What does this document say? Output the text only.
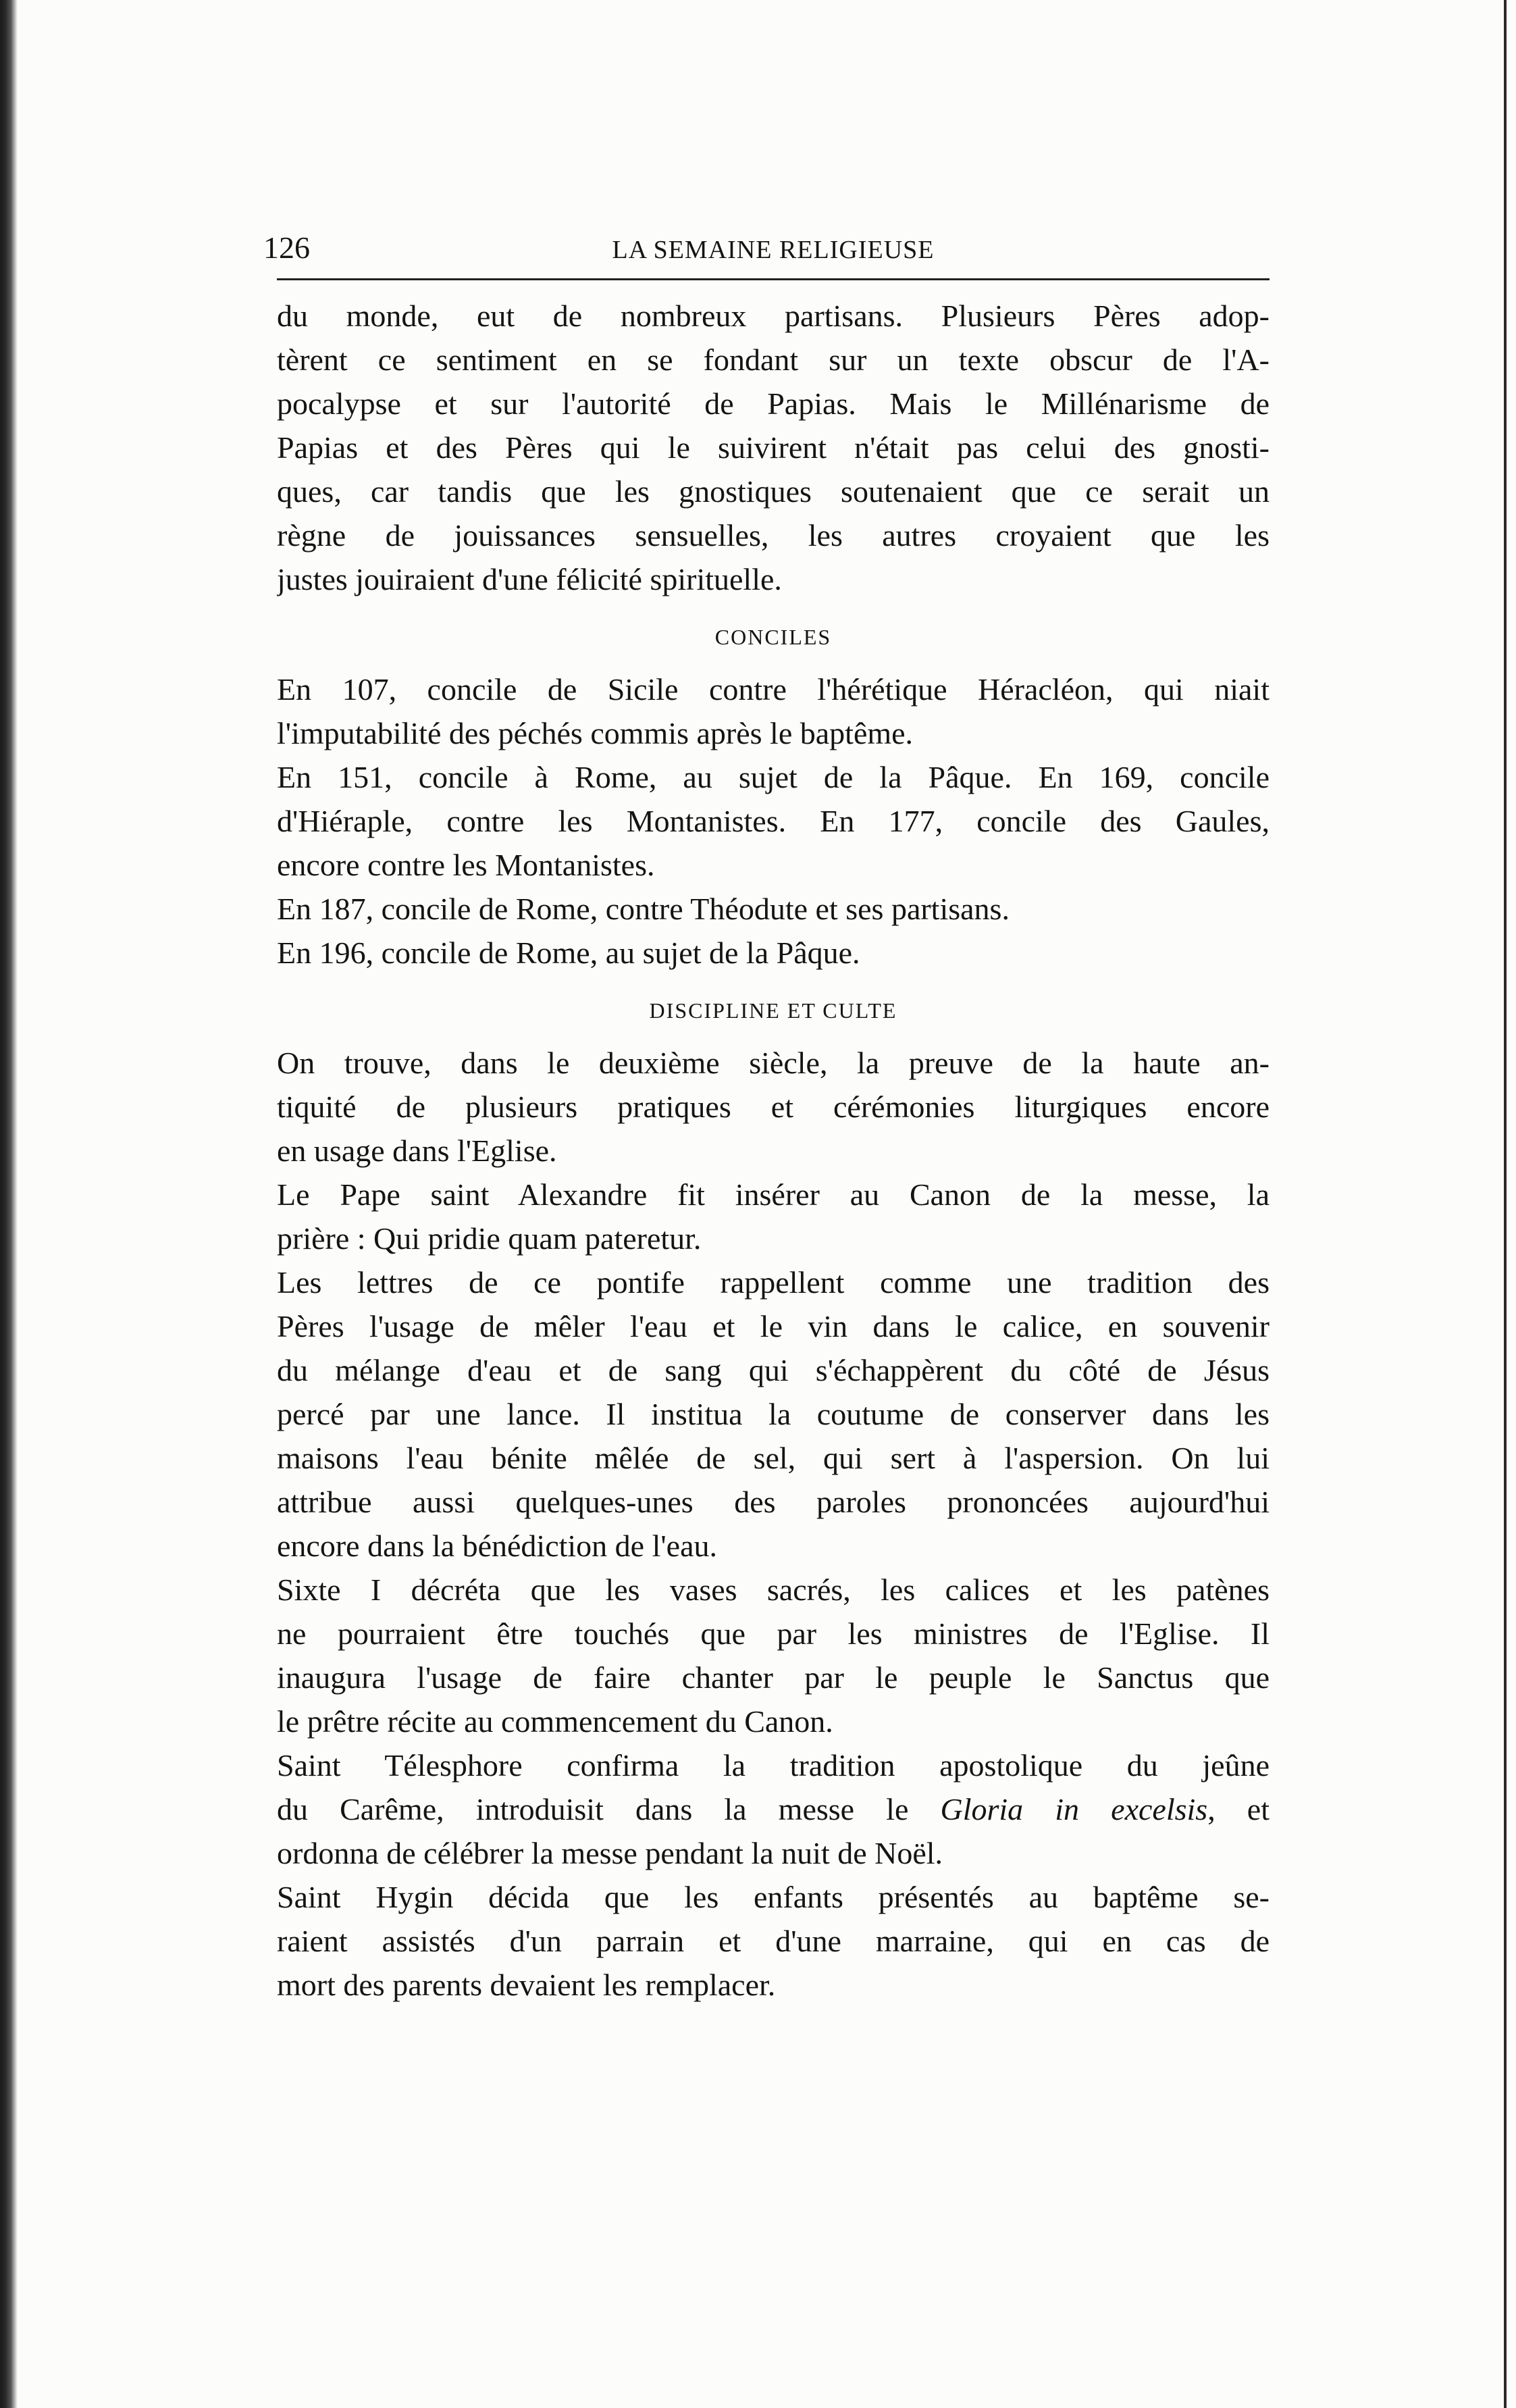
126	LA SEMAINE RELIGIEUSE
du monde, eut de nombreux partisans. Plusieurs Pères adop-
tèrent ce sentiment en se fondant sur un texte obscur de l'A-
pocalypse et sur l'autorité de Papias. Mais le Millénarisme de
Papias et des Pères qui le suivirent n'était pas celui des gnosti-
ques, car tandis que les gnostiques soutenaient que ce serait un
règne de jouissances sensuelles, les autres croyaient que les
justes jouiraient d'une félicité spirituelle.
CONCILES
En 107, concile de Sicile contre l'hérétique Héracléon, qui niait
l'imputabilité des péchés commis après le baptême.
En 151, concile à Rome, au sujet de la Pâque. En 169, concile
d'Hiéraple, contre les Montanistes. En 177, concile des Gaules,
encore contre les Montanistes.
En 187, concile de Rome, contre Théodute et ses partisans.
En 196, concile de Rome, au sujet de la Pâque.
DISCIPLINE ET CULTE
On trouve, dans le deuxième siècle, la preuve de la haute an-
tiquité de plusieurs pratiques et cérémonies liturgiques encore
en usage dans l'Eglise.
Le Pape saint Alexandre fit insérer au Canon de la messe, la
prière : Qui pridie quam pateretur.
Les lettres de ce pontife rappellent comme une tradition des
Pères l'usage de mêler l'eau et le vin dans le calice, en souvenir
du mélange d'eau et de sang qui s'échappèrent du côté de Jésus
percé par une lance. Il institua la coutume de conserver dans les
maisons l'eau bénite mêlée de sel, qui sert à l'aspersion. On lui
attribue aussi quelques-unes des paroles prononcées aujourd'hui
encore dans la bénédiction de l'eau.
Sixte I décréta que les vases sacrés, les calices et les patènes
ne pourraient être touchés que par les ministres de l'Eglise. Il
inaugura l'usage de faire chanter par le peuple le Sanctus que
le prêtre récite au commencement du Canon.
Saint Télesphore confirma la tradition apostolique du jeûne
du Carême, introduisit dans la messe le Gloria in excelsis, et
ordonna de célébrer la messe pendant la nuit de Noël.
Saint Hygin décida que les enfants présentés au baptême se-
raient assistés d'un parrain et d'une marraine, qui en cas de
mort des parents devaient les remplacer.
